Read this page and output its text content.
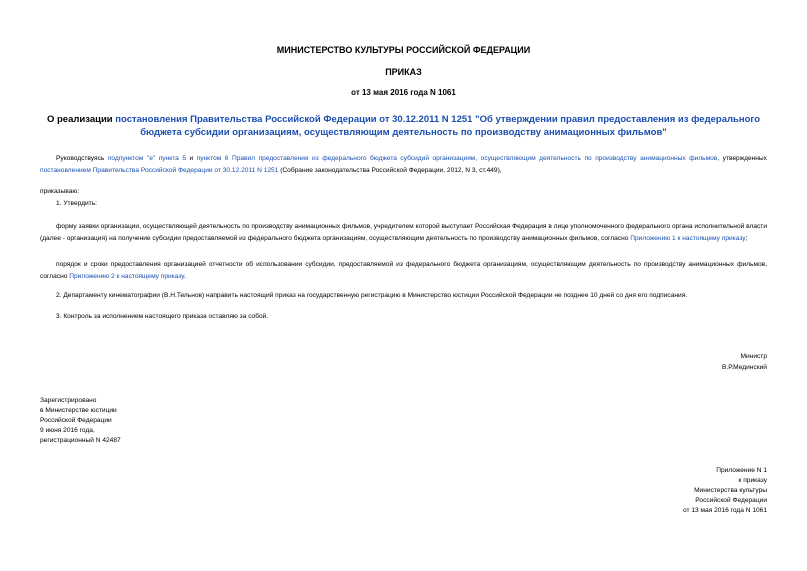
МИНИСТЕРСТВО КУЛЬТУРЫ РОССИЙСКОЙ ФЕДЕРАЦИИ
ПРИКАЗ
от 13 мая 2016 года N 1061
О реализации постановления Правительства Российской Федерации от 30.12.2011 N 1251 "Об утверждении правил предоставления из федерального бюджета субсидии организациям, осуществляющим деятельность по производству анимационных фильмов"
Руководствуясь подпунктом "е" пункта 5 и пунктом 6 Правил предоставления из федерального бюджета субсидий организациям, осуществляющим деятельность по производству анимационных фильмов, утвержденных постановлением Правительства Российской Федерации от 30.12.2011 N 1251 (Собрание законодательства Российской Федерации, 2012, N 3, ст.449),
приказываю:
1. Утвердить:
форму заявки организации, осуществляющей деятельность по производству анимационных фильмов, учредителем которой выступает Российская Федерация в лице уполномоченного федерального органа исполнительной власти (далее - организация) на получение субсидии предоставляемой из федерального бюджета организациям, осуществляющим деятельность по производству анимационных фильмов, согласно Приложению 1 к настоящему приказу;
порядок и сроки предоставления организацией отчетности об использовании субсидии, предоставляемой из федерального бюджета организациям, осуществляющим деятельность по производству анимационных фильмов, согласно Приложению 2 к настоящему приказу.
2. Департаменту кинематографии (В.Н.Тельнов) направить настоящий приказ на государственную регистрацию в Министерство юстиции Российской Федерации не позднее 10 дней со дня его подписания.
3. Контроль за исполнением настоящего приказа оставляю за собой.
Министр
В.Р.Мединский
Зарегистрировано
в Министерстве юстиции
Российской Федерации
9 июня 2016 года,
регистрационный N 42487
Приложение N 1
к приказу
Министерства культуры
Российской Федерации
от 13 мая 2016 года N 1061
